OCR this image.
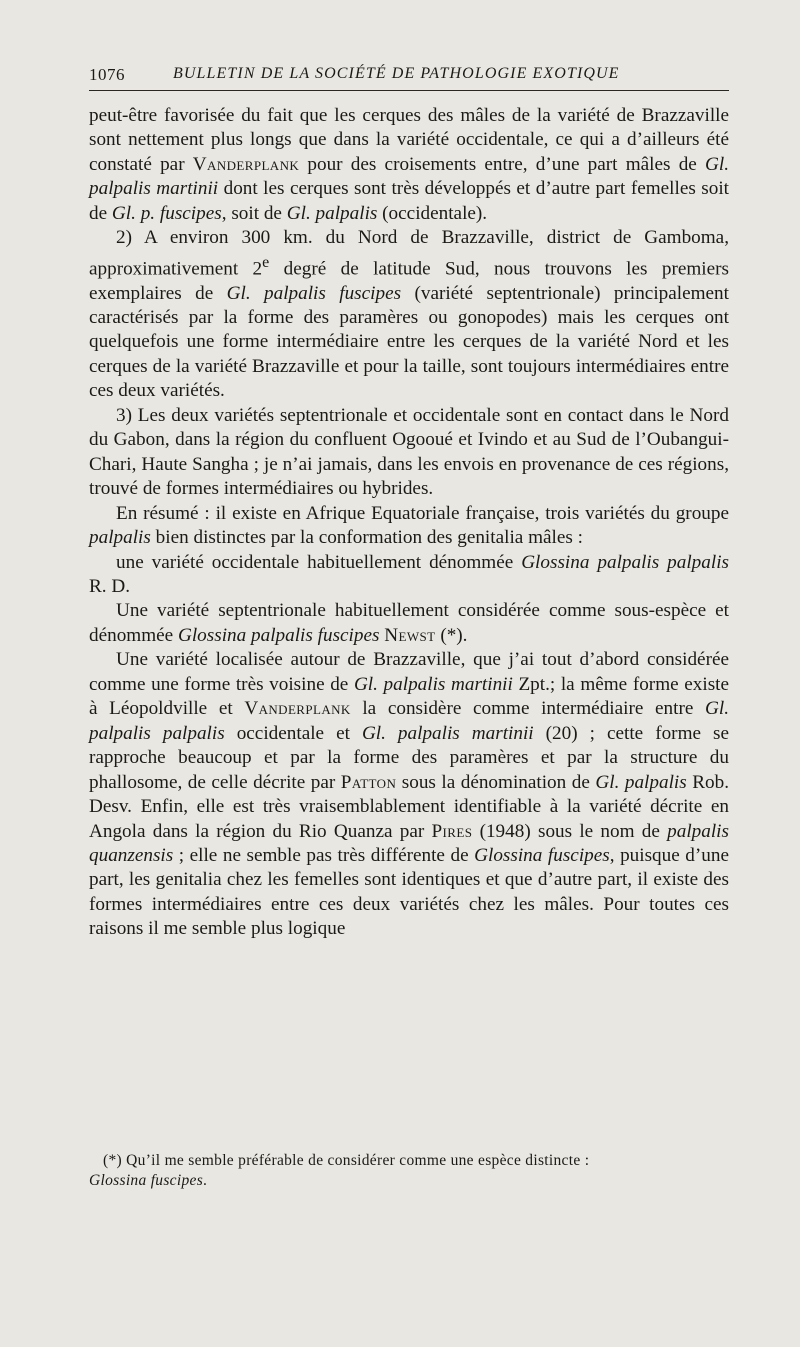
1076	BULLETIN DE LA SOCIÉTÉ DE PATHOLOGIE EXOTIQUE

peut-être favorisée du fait que les cerques des mâles de la variété de Brazzaville sont nettement plus longs que dans la variété occidentale, ce qui a d’ailleurs été constaté par Vanderplank pour des croisements entre, d’une part mâles de Gl. palpalis martinii dont les cerques sont très développés et d’autre part femelles soit de Gl. p. fuscipes, soit de Gl. palpalis (occidentale).

2) A environ 300 km. du Nord de Brazzaville, district de Gamboma, approximativement 2e degré de latitude Sud, nous trouvons les premiers exemplaires de Gl. palpalis fuscipes (variété septentrionale) principalement caractérisés par la forme des paramères ou gonopodes) mais les cerques ont quelquefois une forme intermédiaire entre les cerques de la variété Nord et les cerques de la variété Brazzaville et pour la taille, sont toujours intermédiaires entre ces deux variétés.

3) Les deux variétés septentrionale et occidentale sont en contact dans le Nord du Gabon, dans la région du confluent Ogooué et Ivindo et au Sud de l’Oubangui-Chari, Haute Sangha ; je n’ai jamais, dans les envois en provenance de ces régions, trouvé de formes intermédiaires ou hybrides.

En résumé : il existe en Afrique Equatoriale française, trois variétés du groupe palpalis bien distinctes par la conformation des genitalia mâles :

une variété occidentale habituellement dénommée Glossina palpalis palpalis R. D.

Une variété septentrionale habituellement considérée comme sous-espèce et dénommée Glossina palpalis fuscipes Newst (*).

Une variété localisée autour de Brazzaville, que j’ai tout d’abord considérée comme une forme très voisine de Gl. palpalis martinii Zpt.; la même forme existe à Léopoldville et Vanderplank la considère comme intermédiaire entre Gl. palpalis palpalis occidentale et Gl. palpalis martinii (20) ; cette forme se rapproche beaucoup et par la forme des paramères et par la structure du phallosome, de celle décrite par Patton sous la dénomination de Gl. palpalis Rob. Desv. Enfin, elle est très vraisemblablement identifiable à la variété décrite en Angola dans la région du Rio Quanza par Pires (1948) sous le nom de palpalis quanzensis ; elle ne semble pas très différente de Glossina fuscipes, puisque d’une part, les genitalia chez les femelles sont identiques et que d’autre part, il existe des formes intermédiaires entre ces deux variétés chez les mâles. Pour toutes ces raisons il me semble plus logique

(*) Qu’il me semble préférable de considérer comme une espèce distincte :
Glossina fuscipes.
